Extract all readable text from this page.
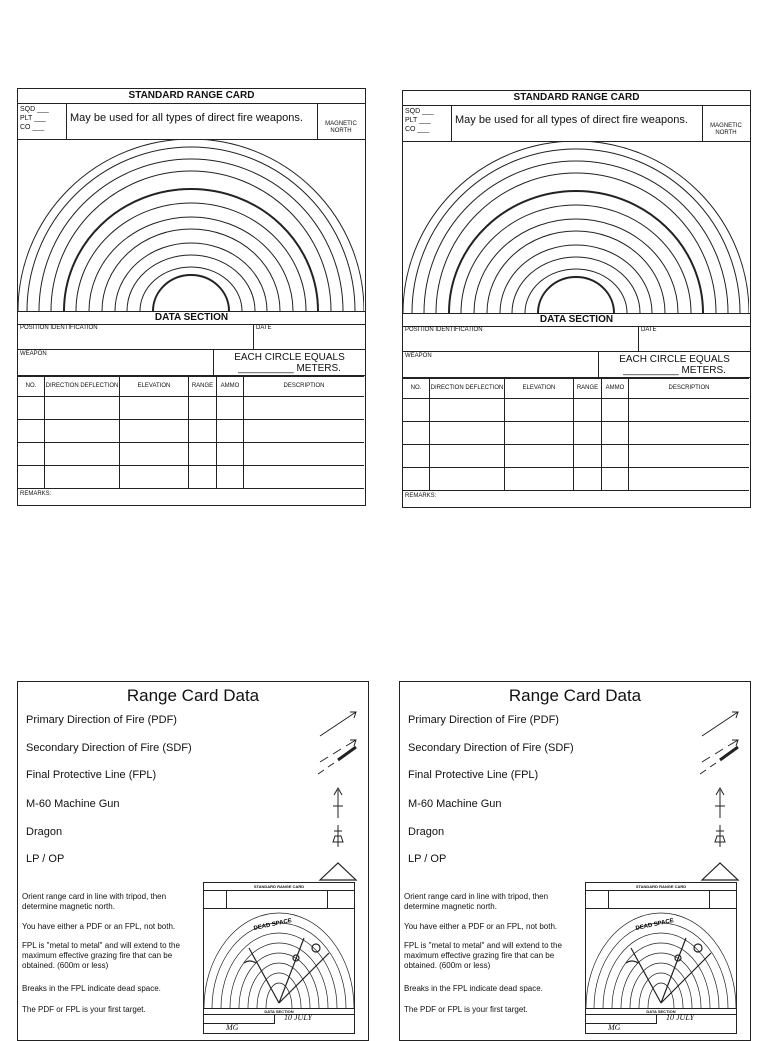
STANDARD RANGE CARD
SQD ___
PLT ___
CO ___
May be used for all types of direct fire weapons.	MAGNETIC
NORTH
DATA SECTION
POSITION IDENTIFICATION	DATE
WEAPON	EACH CIRCLE EQUALS
__________ METERS.
NO.	DIRECTION DEFLECTION	ELEVATION	RANGE	AMMO	DESCRIPTION

REMARKS:
STANDARD RANGE CARD
SQD ___
PLT ___
CO ___
May be used for all types of direct fire weapons.	MAGNETIC
NORTH
DATA SECTION
POSITION IDENTIFICATION	DATE
WEAPON	EACH CIRCLE EQUALS
__________ METERS.
NO.	DIRECTION DEFLECTION	ELEVATION	RANGE	AMMO	DESCRIPTION

REMARKS:
Range Card Data
Primary Direction of Fire (PDF)
Secondary Direction of Fire (SDF)
Final Protective Line (FPL)
M-60 Machine Gun
Dragon
LP / OP
Orient range card in line with tripod, then determine magnetic north.
You have either a PDF or an FPL, not both.
FPL is "metal to metal" and will extend to the maximum effective grazing fire that can be obtained. (600m or less)
Breaks in the FPL indicate dead space.
The PDF or FPL is your first target.
STANDARD RANGE CARD
DEAD SPACE
DATA SECTION
10 JULY
MG
Range Card Data
Primary Direction of Fire (PDF)
Secondary Direction of Fire (SDF)
Final Protective Line (FPL)
M-60 Machine Gun
Dragon
LP / OP
Orient range card in line with tripod, then determine magnetic north.
You have either a PDF or an FPL, not both.
FPL is "metal to metal" and will extend to the maximum effective grazing fire that can be obtained. (600m or less)
Breaks in the FPL indicate dead space.
The PDF or FPL is your first target.
STANDARD RANGE CARD
DEAD SPACE
DATA SECTION
10 JULY
MG
